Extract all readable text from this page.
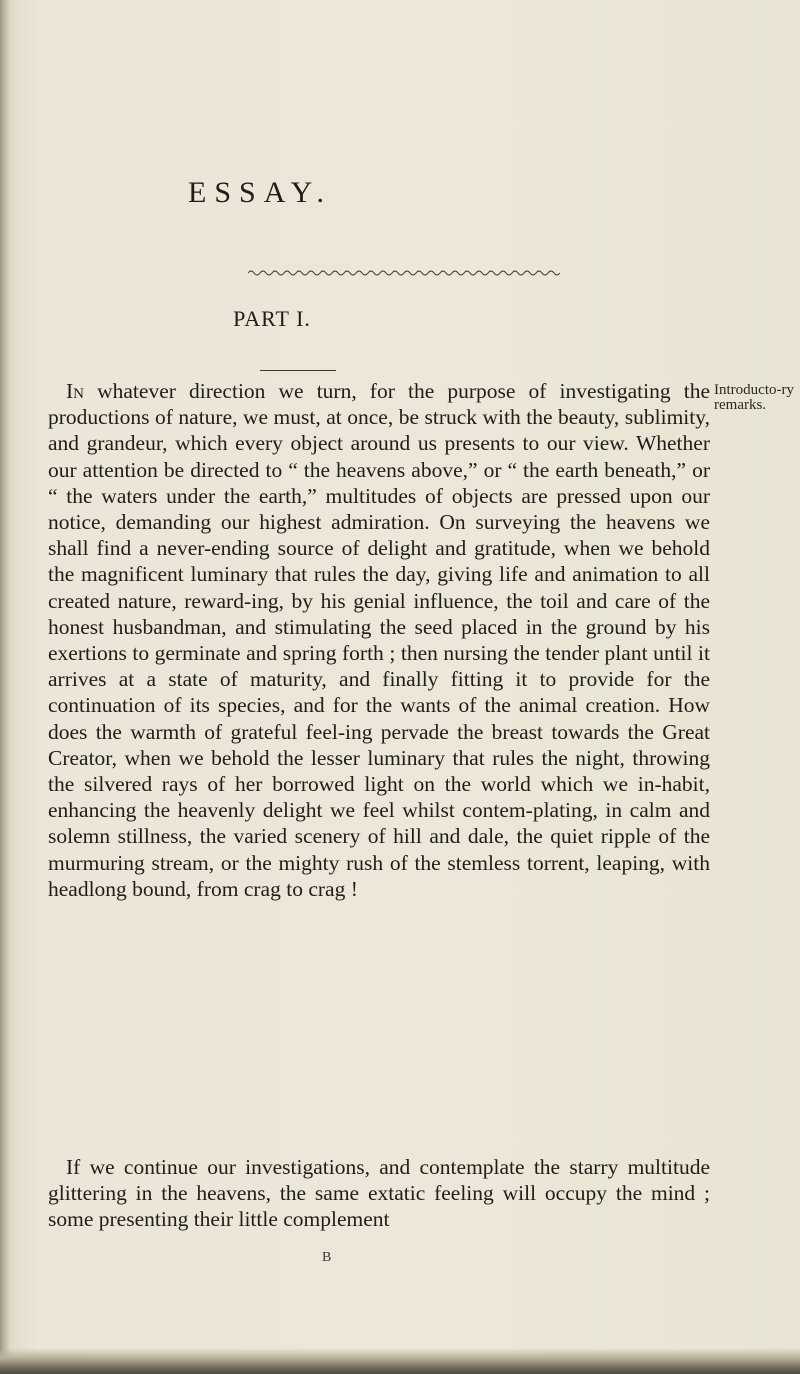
ESSAY.
PART I.
Introducto-ry remarks.

In whatever direction we turn, for the purpose of investigating the productions of nature, we must, at once, be struck with the beauty, sublimity, and grandeur, which every object around us presents to our view. Whether our attention be directed to “ the heavens above,” or “ the earth beneath,” or “ the waters under the earth,” multitudes of objects are pressed upon our notice, demanding our highest admiration. On surveying the heavens we shall find a never-ending source of delight and gratitude, when we behold the magnificent luminary that rules the day, giving life and animation to all created nature, reward-ing, by his genial influence, the toil and care of the honest husbandman, and stimulating the seed placed in the ground by his exertions to germinate and spring forth ; then nursing the tender plant until it arrives at a state of maturity, and finally fitting it to provide for the continuation of its species, and for the wants of the animal creation. How does the warmth of grateful feel-ing pervade the breast towards the Great Creator, when we behold the lesser luminary that rules the night, throwing the silvered rays of her borrowed light on the world which we in-habit, enhancing the heavenly delight we feel whilst contem-plating, in calm and solemn stillness, the varied scenery of hill and dale, the quiet ripple of the murmuring stream, or the mighty rush of the stemless torrent, leaping, with headlong bound, from crag to crag !

If we continue our investigations, and contemplate the starry multitude glittering in the heavens, the same extatic feeling will occupy the mind ; some presenting their little complement

B
